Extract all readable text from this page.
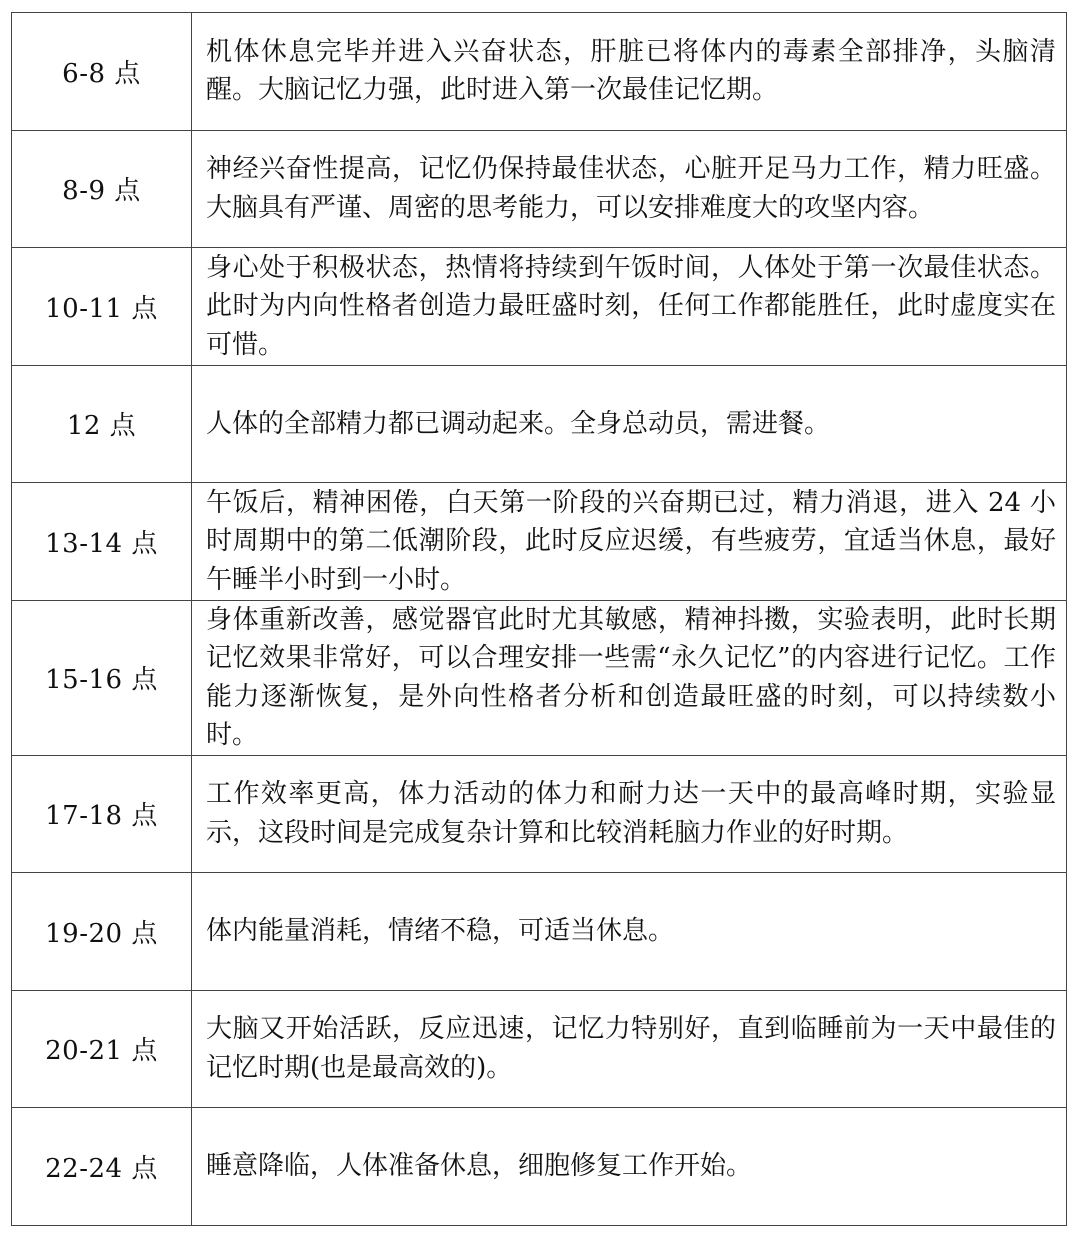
6-8 点	机体休息完毕并进入兴奋状态，肝脏已将体内的毒素全部排净，头脑清醒。大脑记忆力强，此时进入第一次最佳记忆期。
8-9 点	神经兴奋性提高，记忆仍保持最佳状态，心脏开足马力工作，精力旺盛。大脑具有严谨、周密的思考能力，可以安排难度大的攻坚内容。
10-11 点	身心处于积极状态，热情将持续到午饭时间，人体处于第一次最佳状态。此时为内向性格者创造力最旺盛时刻，任何工作都能胜任，此时虚度实在可惜。
12 点	人体的全部精力都已调动起来。全身总动员，需进餐。
13-14 点	午饭后，精神困倦，白天第一阶段的兴奋期已过，精力消退，进入 24 小时周期中的第二低潮阶段，此时反应迟缓，有些疲劳，宜适当休息，最好午睡半小时到一小时。
15-16 点	身体重新改善，感觉器官此时尤其敏感，精神抖擞，实验表明，此时长期记忆效果非常好，可以合理安排一些需“永久记忆”的内容进行记忆。工作能力逐渐恢复，是外向性格者分析和创造最旺盛的时刻，可以持续数小时。
17-18 点	工作效率更高，体力活动的体力和耐力达一天中的最高峰时期，实验显示，这段时间是完成复杂计算和比较消耗脑力作业的好时期。
19-20 点	体内能量消耗，情绪不稳，可适当休息。
20-21 点	大脑又开始活跃，反应迅速，记忆力特别好，直到临睡前为一天中最佳的记忆时期(也是最高效的)。
22-24 点	睡意降临，人体准备休息，细胞修复工作开始。
